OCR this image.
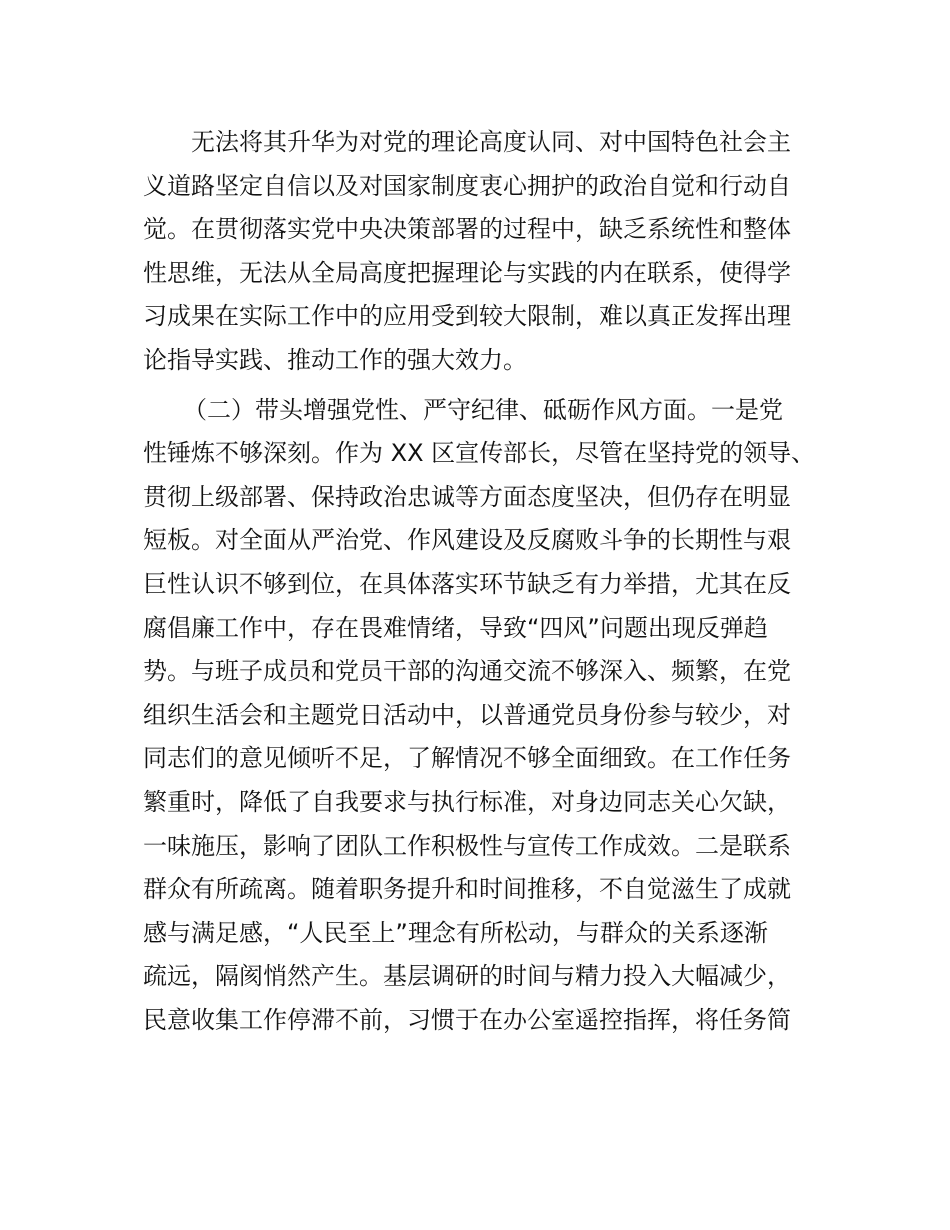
无法将其升华为对党的理论高度认同、对中国特色社会主
义道路坚定自信以及对国家制度衷心拥护的政治自觉和行动自
觉。在贯彻落实党中央决策部署的过程中，缺乏系统性和整体
性思维，无法从全局高度把握理论与实践的内在联系，使得学
习成果在实际工作中的应用受到较大限制，难以真正发挥出理
论指导实践、推动工作的强大效力。

（二）带头增强党性、严守纪律、砥砺作风方面。一是党
性锤炼不够深刻。作为 XX 区宣传部长，尽管在坚持党的领导、
贯彻上级部署、保持政治忠诚等方面态度坚决，但仍存在明显
短板。对全面从严治党、作风建设及反腐败斗争的长期性与艰
巨性认识不够到位，在具体落实环节缺乏有力举措，尤其在反
腐倡廉工作中，存在畏难情绪，导致“四风”问题出现反弹趋
势。与班子成员和党员干部的沟通交流不够深入、频繁，在党
组织生活会和主题党日活动中，以普通党员身份参与较少，对
同志们的意见倾听不足，了解情况不够全面细致。在工作任务
繁重时，降低了自我要求与执行标准，对身边同志关心欠缺，
一味施压，影响了团队工作积极性与宣传工作成效。二是联系
群众有所疏离。随着职务提升和时间推移，不自觉滋生了成就
感与满足感，“人民至上”理念有所松动，与群众的关系逐渐
疏远，隔阂悄然产生。基层调研的时间与精力投入大幅减少，
民意收集工作停滞不前，习惯于在办公室遥控指挥，将任务简
